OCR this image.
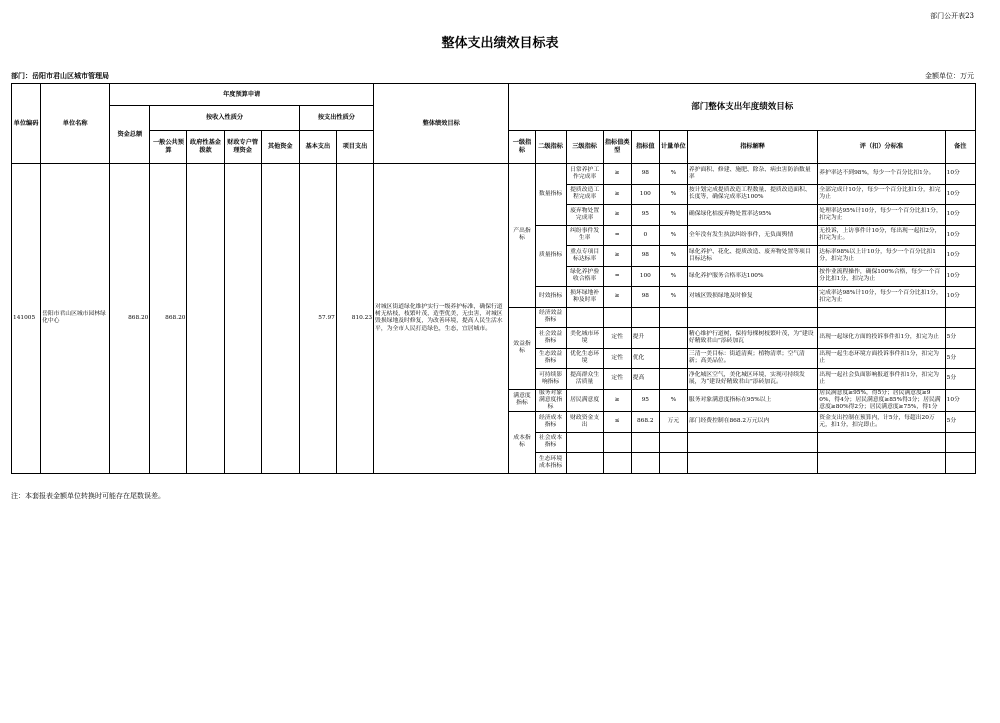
部门公开表23
整体支出绩效目标表
部门：岳阳市君山区城市管理局	金额单位：万元
单位编码	单位名称	年度预算申请							整体绩效目标	部门整体支出年度绩效目标								
		资金总额	按收入性质分				按支出性质分											
			一般公共预算	政府性基金拨款	财政专户管理资金	其他资金	基本支出	项目支出		一级指标	二级指标	三级指标	指标值类型	指标值	计量单位	指标解释	评（扣）分标准	备注
141005	岳阳市君山区城市园林绿化中心	868.20	868.20				57.97	810.23	对城区街道绿化维护实行一级养护标准，确保行道树无枯枝，枝繁叶茂，造型优美，无虫害，对城区毁损绿地及时修复，为改善环境，提高人民生活水平，为全市人民打造绿色，生态，宜居城市。	产出指标	数量指标	日常养护工作完成率	≥	98	%	养护面积、修建、施肥、除杂、病虫害防治数量率	养护率达不到98%，每少一个百分比扣1分。	10分
												提质改造工程完成率	≥	100	%	按计划完成提质改造工程数量、提质改造面积、长度等，确保完成率达100%	全部完成计10分，每少一个百分比扣1分，扣完为止	10分
												废弃物处置完成率	≥	95	%	确保绿化枯废弃物处置率达95%	处理率达95%计10分，每少一个百分比扣1分，扣完为止	10分
											质量指标	纠纷事件发生率	=	0	%	全年没有发生执法纠纷事件，无负面舆情	无投诉，上访事件计10分，每出现一起扣2分，扣完为止。	10分
												重点专项目标达标率	≥	98	%	绿化养护、花化、提质改造、废弃物处置等项目目标达标	达标率98%以上计10分，每少一个百分比扣1分，扣完为止	10分
												绿化养护验收合格率	=	100	%	绿化养护服务合格率达100%	按作业流程操作，确保100%合格，每少一个百分比扣1分，扣完为止	10分
											时效指标	损坏绿地补种及时率	≥	98	%	对城区毁损绿地及时修复	完成率达98%计10分，每少一个百分比扣1分，扣完为止	10分
										效益指标	经济效益指标							
											社会效益指标	美化城市环境	定性	提升		精心维护行道树，保持每棵树枝繁叶茂，为“建设好精致君山”添砖加瓦	出现一起绿化方面的投诉事件扣1分，扣完为止	5分
											生态效益指标	优化生态环境	定性	优化		三清一美目标：街道清爽；植物清翠；空气清新；高美品位。	出现一起生态环境方面投诉事件扣1分，扣完为止	5分
											可持续影响指标	提高群众生活质量	定性	提高		净化城区空气，美化城区环境，实现可持续发展，为“建设好精致君山”添砖加瓦。	出现一起社会负面影响报道事件扣1分，扣完为止	5分
										满意度指标	服务对象满意度指标	居民满意度	≥	95	%	服务对象满意度指标在95%以上	居民满意度≥95%，得5分；居民满意度≥90%，得4分；居民满意度≥85%得3分；居民满意度≥80%得2分；居民满意度≥75%，得1分	10分
										成本指标	经济成本指标	财政资金支出	≤	868.2	万元	部门经费控制在868.2万元以内	资金支出控制在预算内，计5分，每超出20万元，扣1分，扣完即止。	5分
											社会成本指标							
											生态环境成本指标							
注：本套报表金额单位转换时可能存在尾数误差。
